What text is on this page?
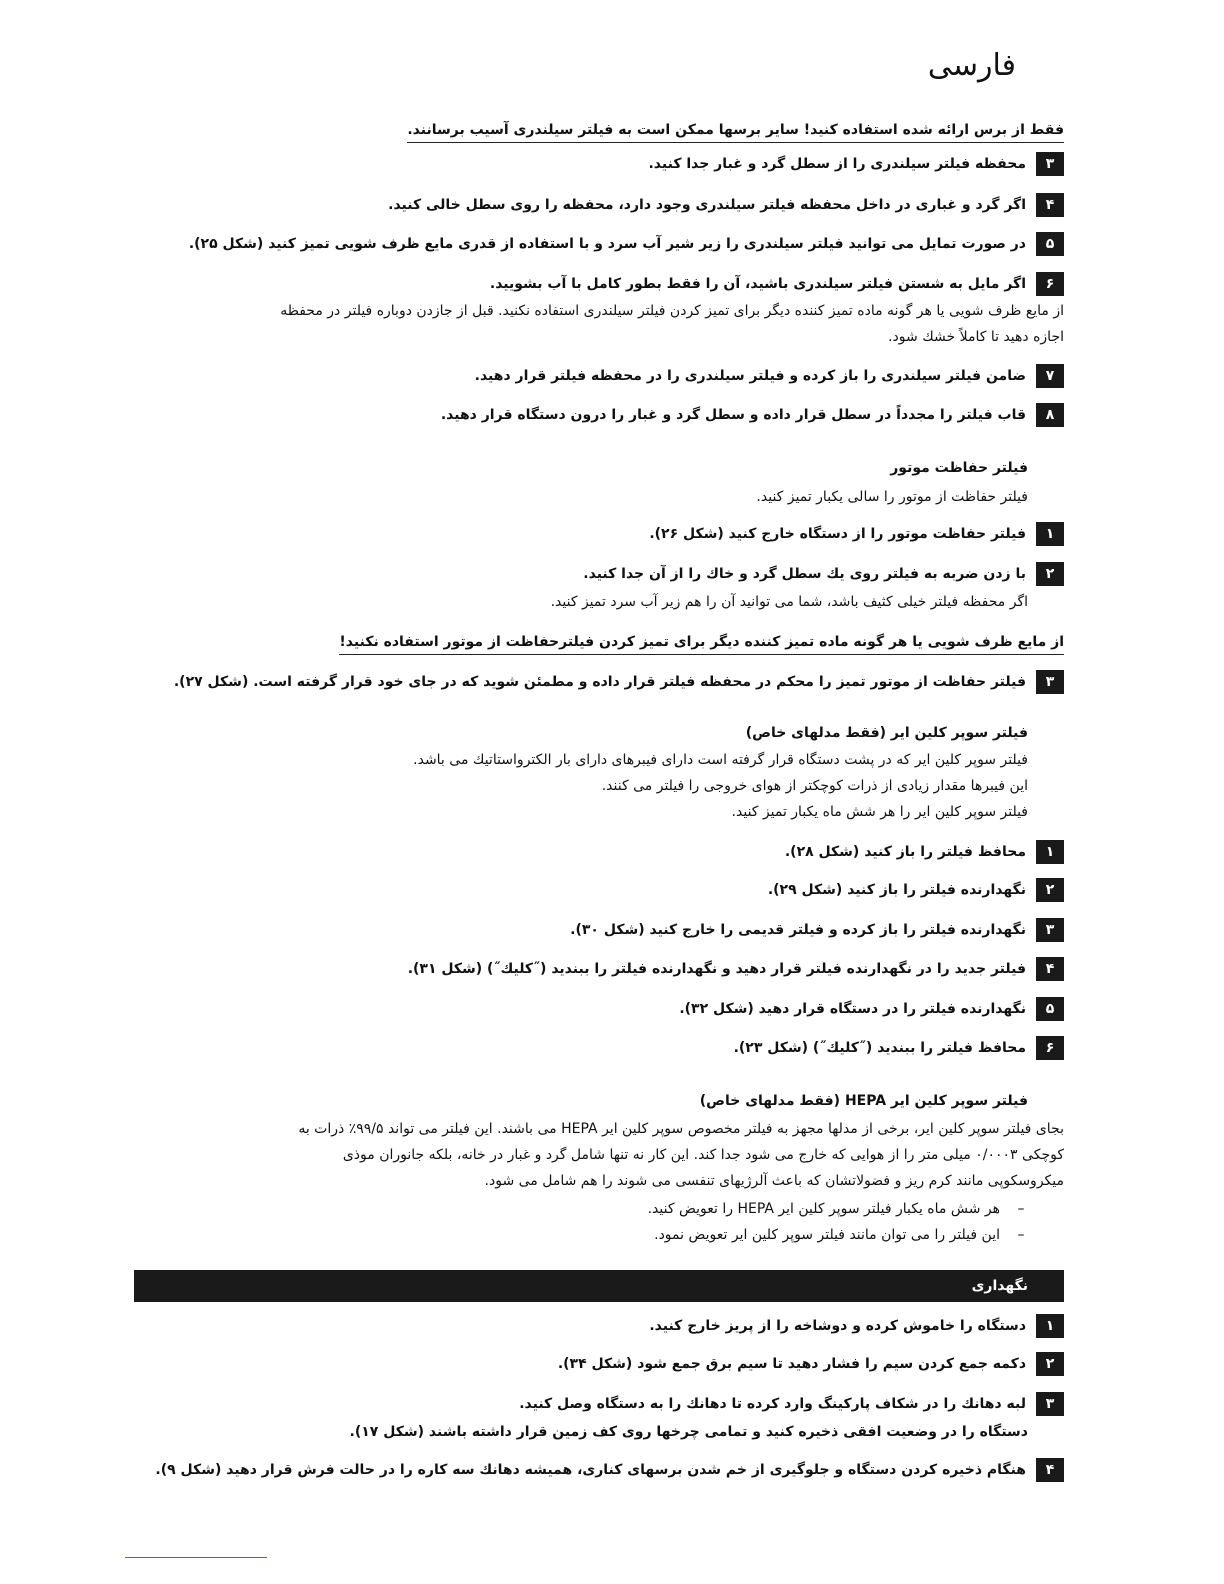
فارسی
فقط از برس ارائه شده استفاده کنید! سایر برسها ممکن است به فیلتر سیلندری آسیب برسانند.
۳
محفظه فیلتر سیلندری را از سطل گرد و غبار جدا کنید.
۴
اگر گرد و غباری در داخل محفظه فیلتر سیلندری وجود دارد، محفظه را روی سطل خالی کنید.
۵
در صورت تمایل می توانید فیلتر سیلندری را زیر شیر آب سرد و با استفاده از قدری مایع ظرف شویی تمیز کنید (شکل ۲۵).
۶
اگر مایل به شستن فیلتر سیلندری باشید، آن را فقط بطور کامل با آب بشویید.
از مایع ظرف شويی یا هر گونه ماده تمیز کننده دیگر برای تمیز کردن فیلتر سیلندری استفاده نکنید. قبل از جازدن دوباره فیلتر در محفظه
اجازه دهید تا کاملاً خشك شود.
۷
ضامن فیلتر سیلندری را باز کرده و فیلتر سیلندری را در محفظه فیلتر قرار دهید.
۸
قاب فیلتر را مجدداً در سطل قرار داده و سطل گرد و غبار را درون دستگاه قرار دهید.
فیلتر حفاظت موتور
فیلتر حفاظت از موتور را سالی یکبار تمیز کنید.
۱
فیلتر حفاظت موتور را از دستگاه خارج کنید (شکل ۲۶).
۲
با زدن ضربه به فیلتر روی یك سطل گرد و خاك را از آن جدا کنید.
اگر محفظه فیلتر خیلی کثیف باشد، شما می توانید آن را هم زیر آب سرد تمیز کنید.
از مایع ظرف شویی یا هر گونه ماده تمیز کننده دیگر برای تمیز کردن فیلترحفاظت از موتور استفاده نکنید!
۳
فیلتر حفاظت از موتور تمیز را محکم در محفظه فیلتر قرار داده و مطمئن شوید که در جای خود قرار گرفته است. (شکل ۲۷).
فیلتر سوپر کلین ایر (فقط مدلهای خاص)
فیلتر سوپر کلین ایر که در پشت دستگاه قرار گرفته است دارای فیبرهای دارای بار الکترواستاتیك می باشد.
این فیبرها مقدار زیادی از ذرات کوچکتر از هوای خروجی را فیلتر می کنند.
فیلتر سوپر کلین ایر را هر شش ماه یکبار تمیز کنید.
۱
محافظ فیلتر را باز کنید (شکل ۲۸).
۲
نگهدارنده فیلتر را باز کنید (شکل ۲۹).
۳
نگهدارنده فیلتر را باز کرده و فیلتر قدیمی را خارج کنید (شکل ۳۰).
۴
فیلتر جدید را در نگهدارنده فیلتر قرار دهید و نگهدارنده فیلتر را ببندید (˝کلیك˝) (شکل ۳۱).
۵
نگهدارنده فیلتر را در دستگاه قرار دهید (شکل ۳۲).
۶
محافظ فیلتر را ببندید (˝کلیك˝) (شکل ۲۳).
فیلتر سوپر کلین ایر HEPA (فقط مدلهای خاص)
بجای فیلتر سوپر کلین ایر، برخی از مدلها مجهز به فیلتر مخصوص سوپر کلین ایر HEPA می باشند. این فیلتر می تواند ۹۹/۵٪ ذرات به
کوچکی ۰/۰۰۰۳ میلی متر را از هوایی که خارج می شود جدا کند. این کار نه تنها شامل گرد و غبار در خانه، بلکه جانوران موذی
میکروسکوپی مانند کرم ریز و فضولاتشان که باعث آلرژیهای تنفسی می شوند را هم شامل می شود.
–
هر شش ماه یکبار فیلتر سوپر کلین ایر HEPA را تعویض کنید.
–
این فیلتر را می توان مانند فیلتر سوپر کلین ایر تعویض نمود.
نگهداری
۱
دستگاه را خاموش کرده و دوشاخه را از پریز خارج کنید.
۲
دکمه جمع کردن سیم را فشار دهید تا سیم برق جمع شود (شکل ۳۴).
۳
لبه دهانك را در شکاف پارکینگ وارد کرده تا دهانك را به دستگاه وصل کنید.
دستگاه را در وضعیت افقی ذخیره کنید و تمامی چرخها روی کف زمین قرار داشته باشند (شکل ۱۷).
۴
هنگام ذخیره کردن دستگاه و جلوگیری از خم شدن برسهای کناری، همیشه دهانك سه کاره را در حالت فرش قرار دهید (شکل ۹).
